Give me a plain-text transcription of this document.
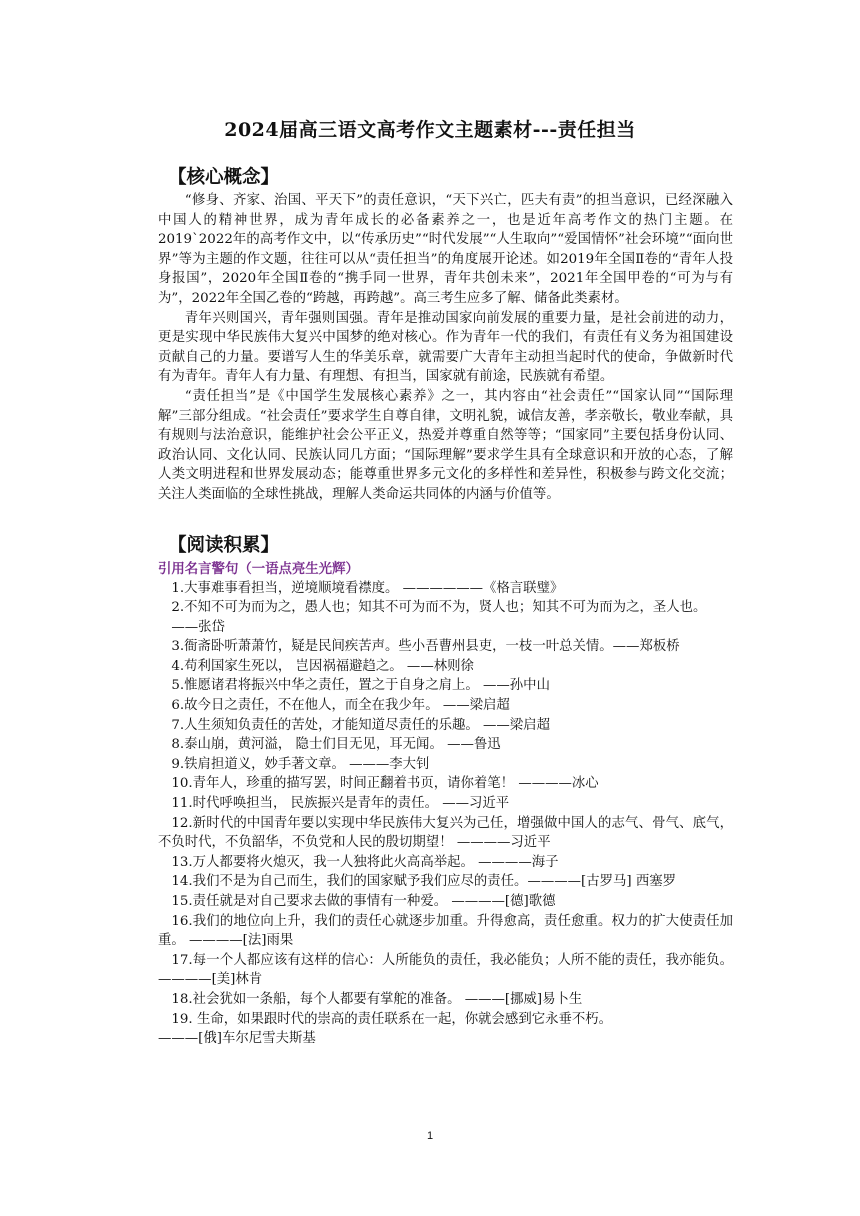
2024届高三语文高考作文主题素材---责任担当
【核心概念】

“修身、齐家、治国、平天下”的责任意识，“天下兴亡，匹夫有责”的担当意识，已经深融入中国人的精神世界，成为青年成长的必备素养之一，也是近年高考作文的热门主题。在2019`2022年的高考作文中，以“传承历史”“时代发展”“人生取向”“爱国情怀”社会环境”“面向世界”等为主题的作文题，往往可以从“责任担当”的角度展开论述。如2019年全国Ⅱ卷的“青年人投身报国”，2020年全国Ⅱ卷的“携手同一世界，青年共创未来”，2021年全国甲卷的“可为与有为”，2022年全国乙卷的“跨越，再跨越”。高三考生应多了解、储备此类素材。

青年兴则国兴，青年强则国强。青年是推动国家向前发展的重要力量，是社会前进的动力，更是实现中华民族伟大复兴中国梦的绝对核心。作为青年一代的我们，有责任有义务为祖国建设贡献自己的力量。要谱写人生的华美乐章，就需要广大青年主动担当起时代的使命，争做新时代有为青年。青年人有力量、有理想、有担当，国家就有前途，民族就有希望。

“责任担当”是《中国学生发展核心素养》之一，其内容由“社会责任”“国家认同”“国际理解”三部分组成。“社会责任”要求学生自尊自律，文明礼貌，诚信友善，孝亲敬长，敬业奉献，具有规则与法治意识，能维护社会公平正义，热爱并尊重自然等等；“国家同”主要包括身份认同、政治认同、文化认同、民族认同几方面；“国际理解”要求学生具有全球意识和开放的心态，了解人类文明进程和世界发展动态；能尊重世界多元文化的多样性和差异性，积极参与跨文化交流；关注人类面临的全球性挑战，理解人类命运共同体的内涵与价值等。

【阅读积累】
引用名言警句（一语点亮生光辉）

1.大事难事看担当，逆境顺境看襟度。 ——————《格言联璧》

2.不知不可为而为之，愚人也；知其不可为而不为，贤人也；知其不可为而为之，圣人也。

——张岱

3.衙斋卧听萧萧竹，疑是民间疾苦声。些小吾曹州县吏，一枝一叶总关情。——郑板桥

4.苟利国家生死以， 岂因祸福避趋之。 ——林则徐

5.惟愿诸君将振兴中华之责任，置之于自身之肩上。 ——孙中山

6.故今日之责任，不在他人，而全在我少年。 ——梁启超

7.人生须知负责任的苦处，才能知道尽责任的乐趣。 ——梁启超

8.泰山崩，黄河溢， 隐士们目无见，耳无闻。 ——鲁迅

9.铁肩担道义，妙手著文章。 ———李大钊

10.青年人，珍重的描写罢，时间正翻着书页，请你着笔！ ————冰心

11.时代呼唤担当， 民族振兴是青年的责任。 ——习近平

12.新时代的中国青年要以实现中华民族伟大复兴为己任，增强做中国人的志气、骨气、底气，不负时代，不负韶华，不负党和人民的殷切期望！ ————习近平

13.万人都要将火熄灭，我一人独将此火高高举起。 ————海子

14.我们不是为自己而生，我们的国家赋予我们应尽的责任。————[古罗马] 西塞罗

15.责任就是对自己要求去做的事情有一种爱。 ————[德]歌德

16.我们的地位向上升，我们的责任心就逐步加重。升得愈高，责任愈重。权力的扩大使责任加重。 ————[法]雨果

17.每一个人都应该有这样的信心：人所能负的责任，我必能负；人所不能的责任，我亦能负。 ————[美]林肯

18.社会犹如一条船，每个人都要有掌舵的准备。 ———[挪威]易卜生

19. 生命，如果跟时代的崇高的责任联系在一起，你就会感到它永垂不朽。

———[俄]车尔尼雪夫斯基

1
